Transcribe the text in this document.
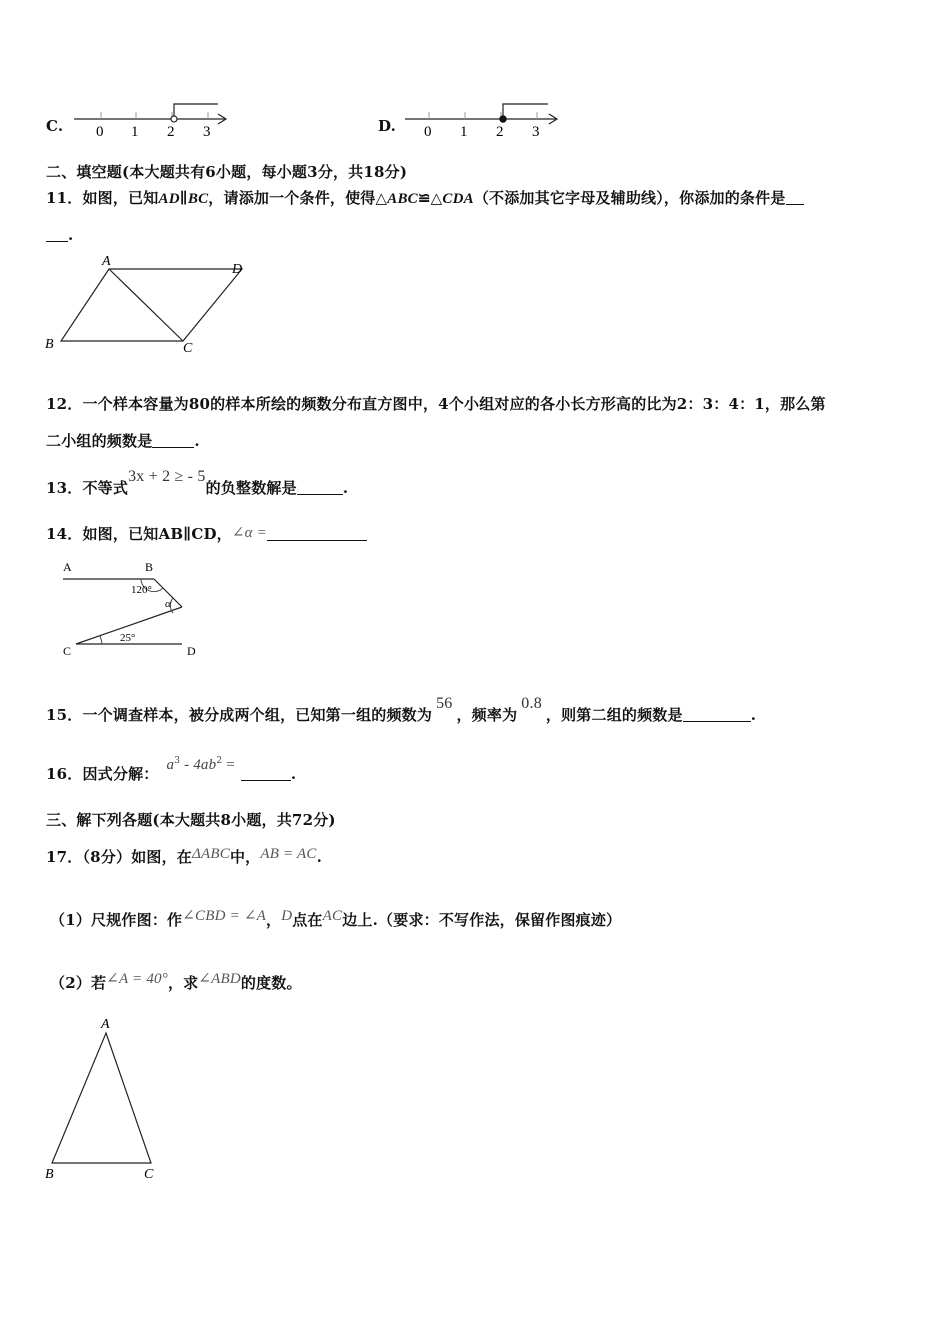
C. 0 1 2 3	D. 0 1 2 3
二、填空题(本大题共有6小题，每小题3分，共18分)
11．如图，已知AD∥BC，请添加一个条件，使得△ABC≌△CDA（不添加其它字母及辅助线），你添加的条件是
.
A
D
B	C
12．一个样本容量为80的样本所绘的频数分布直方图中，4个小组对应的各小长方形高的比为2：3：4：1，那么第
二小组的频数是	.
13．不等式3x + 2 ≥ - 5的负整数解是	.
14．如图，已知AB∥CD，∠α =
A	B
C	D
120°
α
25°
15．一个调查样本，被分成两个组，已知第一组的频数为56，频率为0.8，则第二组的频数是	.
16．因式分解： $a^3 - 4ab^2$ =	.
三、解下列各题(本大题共8小题，共72分)
17．（8分）如图，在ΔABC中，AB = AC.
（1）尺规作图：作∠CBD = ∠A，D点在AC边上.（要求：不写作法，保留作图痕迹）
（2）若∠A = 40°，求∠ABD的度数。
A
B	C
